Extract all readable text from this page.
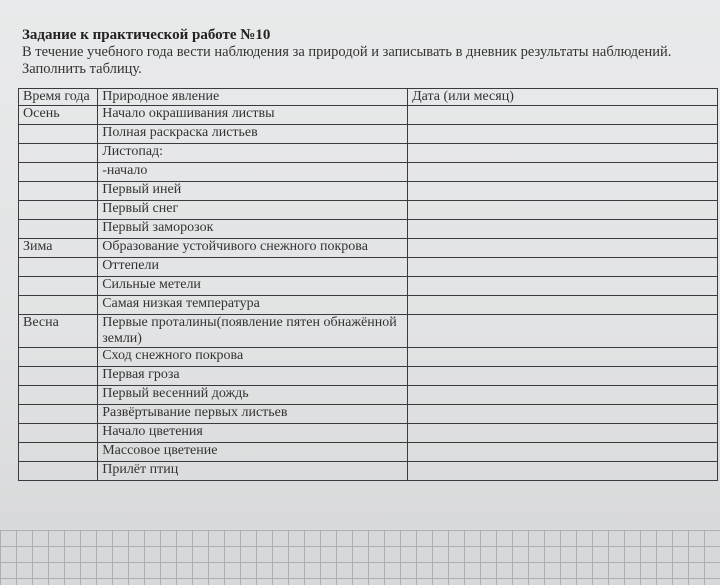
Задание к практической работе №10
В течение учебного года вести наблюдения за природой и записывать в дневник результаты наблюдений. Заполнить таблицу.
Время года	Природное явление	Дата (или месяц)
Осень	Начало окрашивания листвы	
	Полная раскраска листьев	
	Листопад:	
	-начало	
	Первый иней	
	Первый снег	
	Первый заморозок	
Зима	Образование устойчивого снежного покрова	
	Оттепели	
	Сильные метели	
	Самая низкая температура	
Весна	Первые проталины(появление пятен обнажённой земли)	
	Сход снежного покрова	
	Первая гроза	
	Первый весенний дождь	
	Развёртывание первых листьев	
	Начало цветения	
	Массовое цветение	
	Прилёт птиц	
